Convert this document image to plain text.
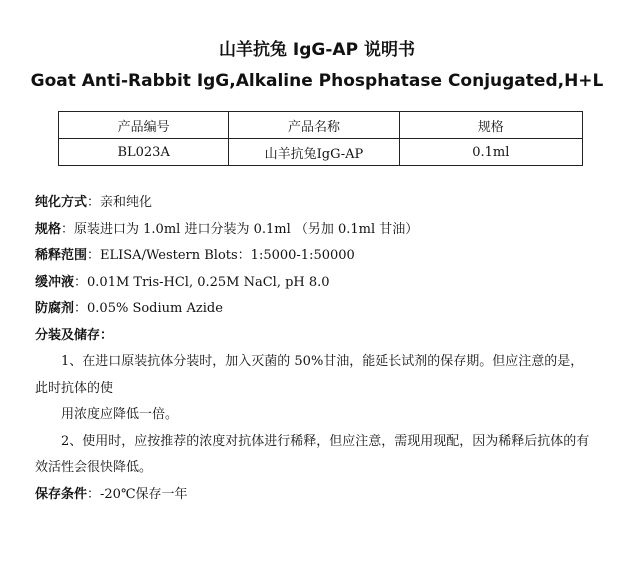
山羊抗兔 IgG-AP 说明书
Goat Anti-Rabbit IgG,Alkaline Phosphatase Conjugated,H+L
产品编号	产品名称	规格
BL023A	山羊抗兔IgG-AP	0.1ml
纯化方式：亲和纯化
规格：原装进口为 1.0ml 进口分装为 0.1ml （另加 0.1ml 甘油）
稀释范围：ELISA/Western Blots：1:5000-1:50000
缓冲液：0.01M Tris-HCl, 0.25M NaCl, pH 8.0
防腐剂：0.05% Sodium Azide
分装及储存：
1、在进口原装抗体分装时，加入灭菌的 50%甘油，能延长试剂的保存期。但应注意的是，此时抗体的使
用浓度应降低一倍。
2、使用时，应按推荐的浓度对抗体进行稀释，但应注意，需现用现配，因为稀释后抗体的有效活性会很快降低。
保存条件：-20℃保存一年
